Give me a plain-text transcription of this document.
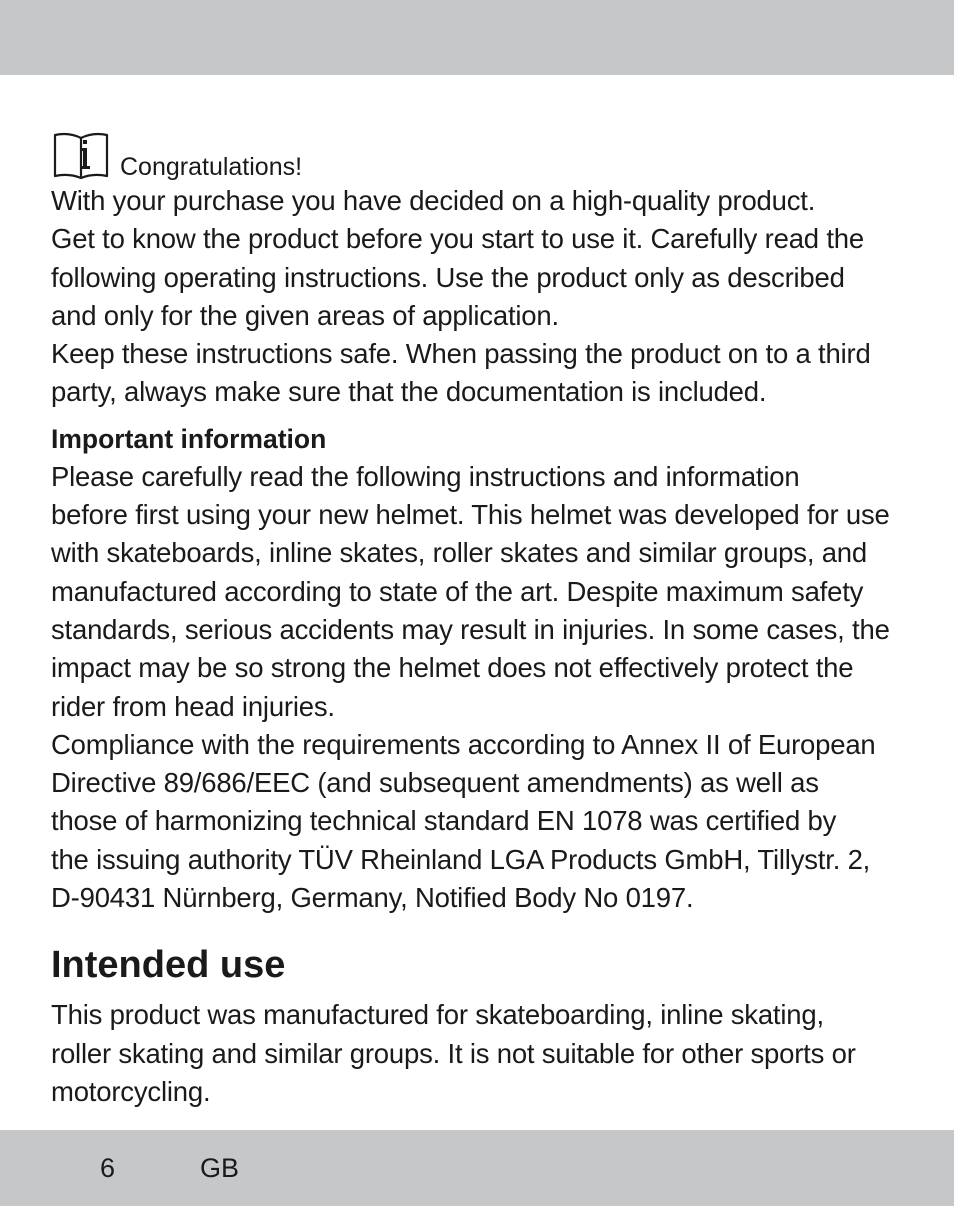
Congratulations!

With your purchase you have decided on a high-quality product.

Get to know the product before you start to use it. Carefully read the

following operating instructions. Use the product only as described

and only for the given areas of application.

Keep these instructions safe. When passing the product on to a third

party, always make sure that the documentation is included.

Important information

Please carefully read the following instructions and information

before first using your new helmet. This helmet was developed for use

with skateboards, inline skates, roller skates and similar groups, and

manufactured according to state of the art. Despite maximum safety

standards, serious accidents may result in injuries. In some cases, the

impact may be so strong the helmet does not effectively protect the

rider from head injuries.

Compliance with the requirements according to Annex II of European

Directive 89/686/EEC (and subsequent amendments) as well as

those of harmonizing technical standard EN 1078 was certified by

the issuing authority TÜV Rheinland LGA Products GmbH, Tillystr. 2,

D-90431 Nürnberg, Germany, Notified Body No 0197.

Intended use

This product was manufactured for skateboarding, inline skating,

roller skating and similar groups. It is not suitable for other sports or

motorcycling.

6	GB
